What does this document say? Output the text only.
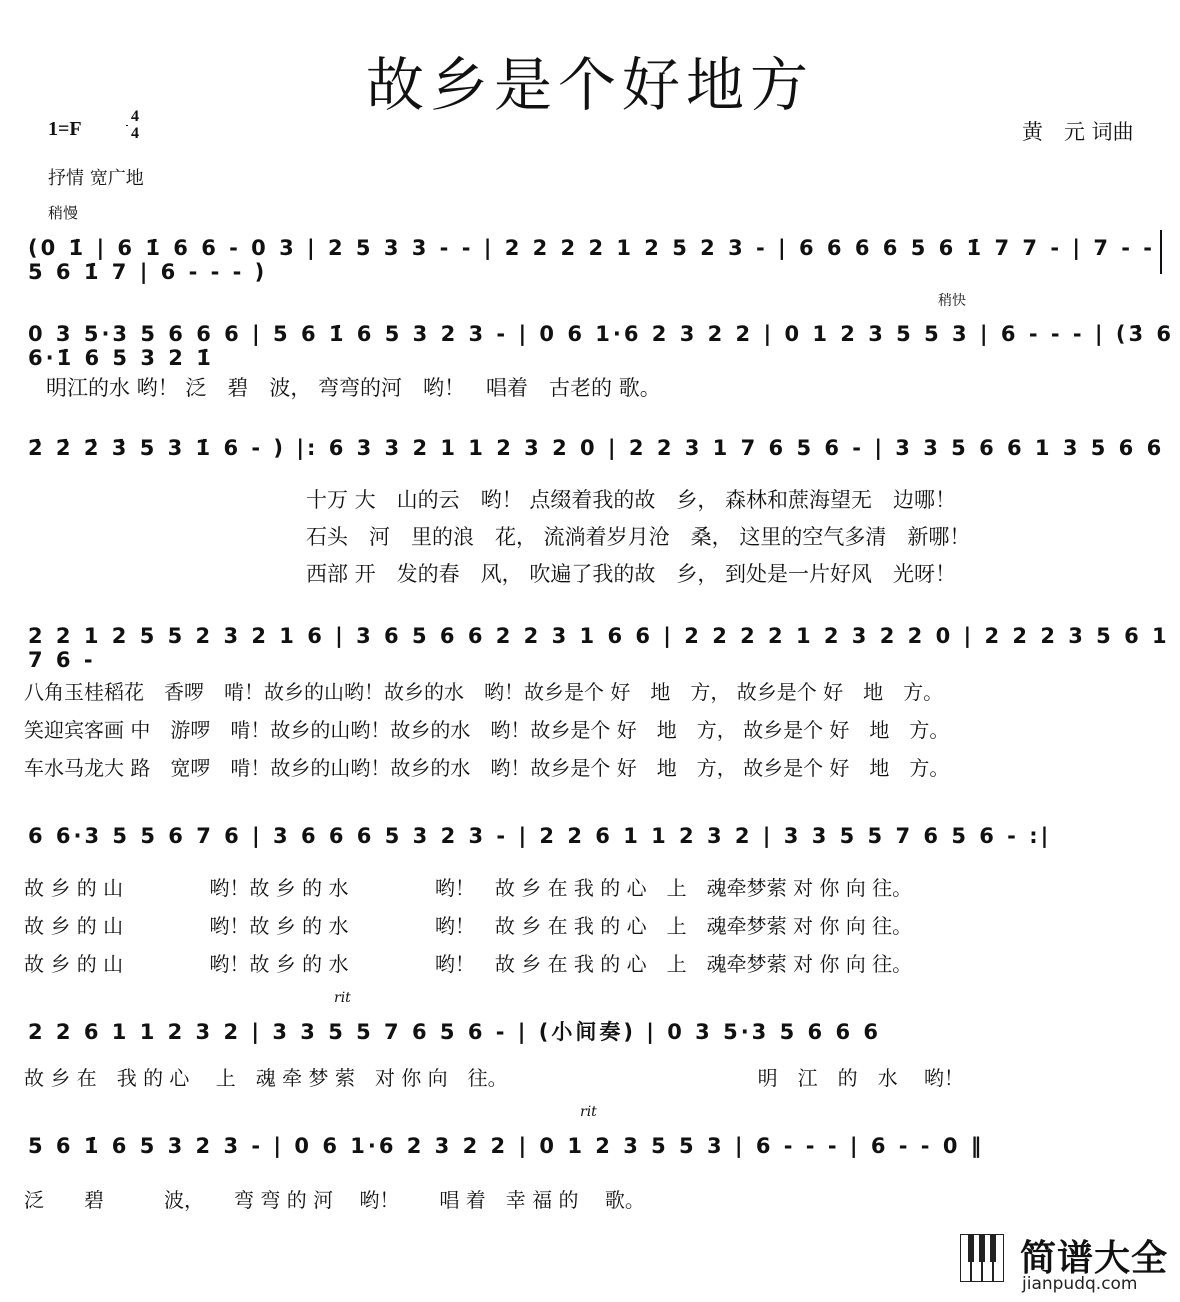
故乡是个好地方
1=F
4
4	黄　元 词曲
抒情 宽广地
稍慢
稍快
(0 1̇ | 6 1̇ 6 6 - 0 3 | 2 5 3 3 - - | 2 2 2 2 1 2 5 2 3 - | 6 6 6 6 5 6 1̇ 7 7 - | 7 - - 5 6 1̇ 7 | 6 - - - )
0 3 5·3 5 6 6 6 | 5 6 1̇ 6 5 3 2 3 - | 0 6 1·6 2 3 2 2 | 0 1 2 3 5 5 3 | 6 - - - | (3̇ 6 6·1̇ 6 5 3 2 1̇
明江的水 哟！ 泛　碧　波， 弯弯的河　哟！　唱着　古老的 歌。
2̇ 2̇ 2̇ 3̇ 5 3 1̇ 6 - ) |: 6 3 3 2 1 1 2 3 2 0 | 2 2 3 1 7 6 5 6 - | 3 3 5 6 6 1 3 5 6 6
十万 大　山的云　哟！ 点缀着我的故　乡， 森林和蔗海望无　边哪！
石头　河　里的浪　花， 流淌着岁月沧　桑， 这里的空气多清　新哪！
西部 开　发的春　风， 吹遍了我的故　乡， 到处是一片好风　光呀！
2 2 1 2 5 5 2 3 2 1 6 | 3 6 5 6 6 2 2 3 1 6 6 | 2 2 2 2 1 2 3 2 2 0 | 2 2 2 3 5 6 1 7 6 -
八角玉桂稻花　香啰　啃！故乡的山哟！故乡的水　哟！故乡是个 好　地　方， 故乡是个 好　地　方。
笑迎宾客画 中　游啰　啃！故乡的山哟！故乡的水　哟！故乡是个 好　地　方， 故乡是个 好　地　方。
车水马龙大 路　宽啰　啃！故乡的山哟！故乡的水　哟！故乡是个 好　地　方， 故乡是个 好　地　方。
6 6·3 5 5 6 7 6 | 3 6 6 6 5 3 2 3 - | 2 2 6 1 1 2 3 2 | 3 3 5 5 7 6 5 6 - :|
故 乡 的 山　　　　 哟！故 乡 的 水　　　　 哟！　故 乡 在 我 的 心　上　魂牵梦萦 对 你 向 往。
故 乡 的 山　　　　 哟！故 乡 的 水　　　　 哟！　故 乡 在 我 的 心　上　魂牵梦萦 对 你 向 往。
故 乡 的 山　　　　 哟！故 乡 的 水　　　　 哟！　故 乡 在 我 的 心　上　魂牵梦萦 对 你 向 往。
rit
2 2 6 1 1 2 3 2 | 3 3 5 5 7 6 5 6 - | (小间奏) | 0 3 5·3 5 6 6 6
故 乡 在　我 的 心　 上　魂 牵 梦 萦　对 你 向　往。　　　　　　　　　　　　　明　江　的　水　 哟！
rit
5 6 1̇ 6 5 3 2 3 - | 0 6 1·6 2 3 2 2 | 0 1 2 3 5 5 3 | 6 - - - | 6 - - 0 ‖
泛　　碧　　　波，　　弯 弯 的 河　 哟！　　唱 着　幸 福 的　 歌。
简谱大全
jianpudq.com
